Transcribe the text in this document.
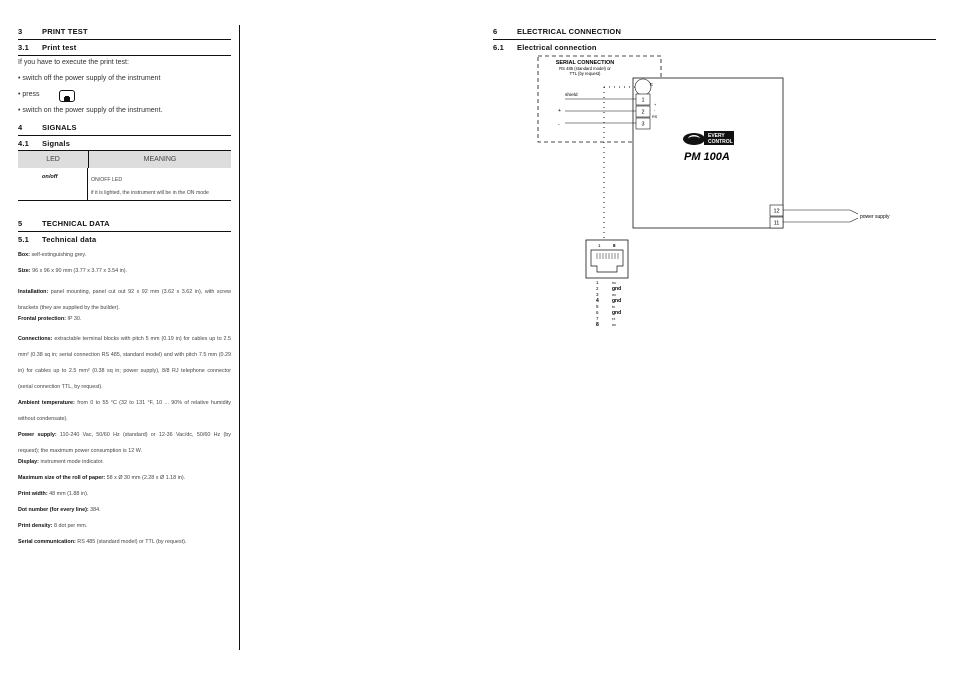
3	PRINT TEST
3.1 Print test
If you have to execute the print test:
• switch off the power supply of the instrument
• press
• switch on the power supply of the instrument.
4	SIGNALS
4.1 Signals
LED	MEANING
on/off	ON/OFF LED
if it is lighted, the instrument will be in the ON mode
5	TECHNICAL DATA
5.1 Technical data
Box: self-extinguishing grey.
Size: 96 x 96 x 90 mm (3.77 x 3.77 x 3.54 in).
Installation: panel mounting, panel cut out 92 x 92 mm (3.62 x 3.62 in), with screw brackets (they are supplied by the builder).
Frontal protection: IP 30.
Connections: extractable terminal blocks with pitch 5 mm (0.19 in) for cables up to 2.5 mm² (0.38 sq in; serial connection RS 485, standard model) and with pitch 7.5 mm (0.29 in) for cables up to 2.5 mm² (0.38 sq in; power supply), 8/8 RJ telephone connector (serial connection TTL, by request).
Ambient temperature: from 0 to 55 °C (32 to 131 °F, 10 ... 90% of relative humidity without condensate).
Power supply: 110-240 Vac, 50/60 Hz (standard) or 12-36 Vac/dc, 50/60 Hz (by request); the maximum power consumption is 12 W.
Display: instrument mode indicator.
Maximum size of the roll of paper: 58 x Ø 30 mm (2.28 x Ø 1.18 in).
Print width: 48 mm (1.88 in).
Dot number (for every line): 384.
Print density: 8 dot per mm.
Serial communication: RS 485 (standard model) or TTL (by request).
6	ELECTRICAL CONNECTION
6.1 Electrical connection
SERIAL CONNECTION
RS 485 (standard model) or
TTL (by request)
E
1
2
3
+
-
RS
shield
+
-
EVERY
CONTROL
PM 100A
12
11
power supply
1	8
1	nc
2	gnd
3	nc
4	gnd
5	tx
6	gnd
7	rx
8	nc
